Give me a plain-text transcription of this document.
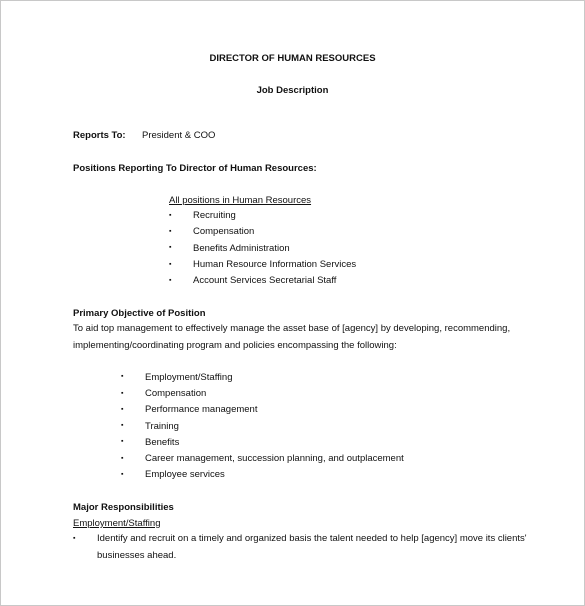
DIRECTOR OF HUMAN RESOURCES
Job Description
Reports To: President & COO
Positions Reporting To Director of Human Resources:
All positions in Human Resources
▪ Recruiting
▪ Compensation
▪ Benefits Administration
▪ Human Resource Information Services
▪ Account Services Secretarial Staff
Primary Objective of Position
To aid top management to effectively manage the asset base of [agency] by developing, recommending,
implementing/coordinating program and policies encompassing the following:
▪ Employment/Staffing
▪ Compensation
▪ Performance management
▪ Training
▪ Benefits
▪ Career management, succession planning, and outplacement
▪ Employee services
Major Responsibilities
Employment/Staffing
▪ Identify and recruit on a timely and organized basis the talent needed to help [agency] move its clients'
businesses ahead.
